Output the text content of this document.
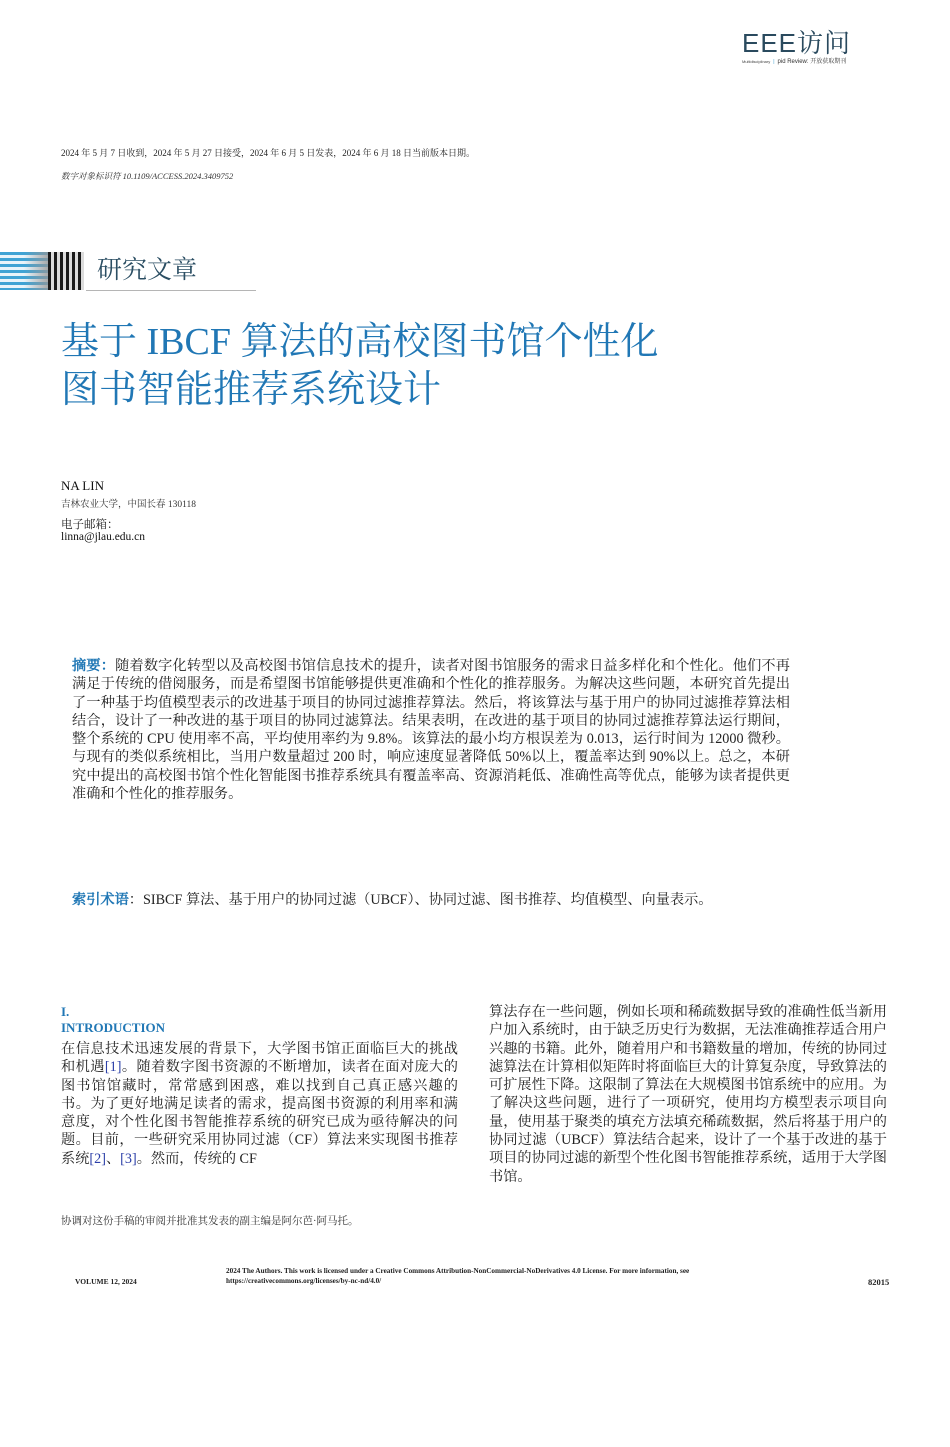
EEE访问
Multidisciplinary | pid Review: 开放获取期刊
2024 年 5 月 7 日收到，2024 年 5 月 27 日接受，2024 年 6 月 5 日发表，2024 年 6 月 18 日当前版本日期。
数字对象标识符 10.1109/ACCESS.2024.3409752
研究文章
基于 IBCF 算法的高校图书馆个性化
图书智能推荐系统设计
NA LIN
吉林农业大学，中国长春 130118
电子邮箱：
linna@jlau.edu.cn
摘要：随着数字化转型以及高校图书馆信息技术的提升，读者对图书馆服务的需求日益多样化和个性化。他们不再满足于传统的借阅服务，而是希望图书馆能够提供更准确和个性化的推荐服务。为解决这些问题，本研究首先提出了一种基于均值模型表示的改进基于项目的协同过滤推荐算法。然后，将该算法与基于用户的协同过滤推荐算法相结合，设计了一种改进的基于项目的协同过滤算法。结果表明，在改进的基于项目的协同过滤推荐算法运行期间，整个系统的 CPU 使用率不高，平均使用率约为 9.8%。该算法的最小均方根误差为 0.013，运行时间为 12000 微秒。与现有的类似系统相比，当用户数量超过 200 时，响应速度显著降低 50%以上，覆盖率达到 90%以上。总之，本研究中提出的高校图书馆个性化智能图书推荐系统具有覆盖率高、资源消耗低、准确性高等优点，能够为读者提供更准确和个性化的推荐服务。
索引术语：SIBCF 算法、基于用户的协同过滤（UBCF）、协同过滤、图书推荐、均值模型、向量表示。
I.
INTRODUCTION
在信息技术迅速发展的背景下，大学图书馆正面临巨大的挑战和机遇[1]。随着数字图书资源的不断增加，读者在面对庞大的图书馆馆藏时，常常感到困惑，难以找到自己真正感兴趣的书。为了更好地满足读者的需求，提高图书资源的利用率和满意度，对个性化图书智能推荐系统的研究已成为亟待解决的问题。目前，一些研究采用协同过滤（CF）算法来实现图书推荐系统[2]、[3]。然而，传统的 CF
算法存在一些问题，例如长项和稀疏数据导致的准确性低当新用户加入系统时，由于缺乏历史行为数据，无法准确推荐适合用户兴趣的书籍。此外，随着用户和书籍数量的增加，传统的协同过滤算法在计算相似矩阵时将面临巨大的计算复杂度，导致算法的可扩展性下降。这限制了算法在大规模图书馆系统中的应用。为了解决这些问题，进行了一项研究，使用均方模型表示项目向量，使用基于聚类的填充方法填充稀疏数据，然后将基于用户的协同过滤（UBCF）算法结合起来，设计了一个基于改进的基于项目的协同过滤的新型个性化图书智能推荐系统，适用于大学图书馆。
协调对这份手稿的审阅并批准其发表的副主编是阿尔芭·阿马托。
VOLUME 12, 2024
2024 The Authors. This work is licensed under a Creative Commons Attribution-NonCommercial-NoDerivatives 4.0 License. For more information, see https://creativecommons.org/licenses/by-nc-nd/4.0/	82015
